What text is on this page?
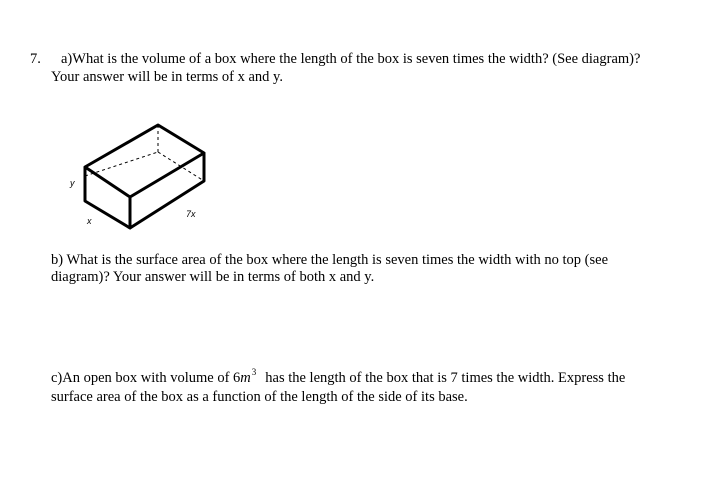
7. a)What is the volume of a box where the length of the box is seven times the width? (See diagram)?
Your answer will be in terms of x and y.
y
x
7x
b) What is the surface area of the box where the length is seven times the width with no top (see
diagram)? Your answer will be in terms of both x and y.
c)An open box with volume of $6m^3$ has the length of the box that is 7 times the width. Express the
surface area of the box as a function of the length of the side of its base.
